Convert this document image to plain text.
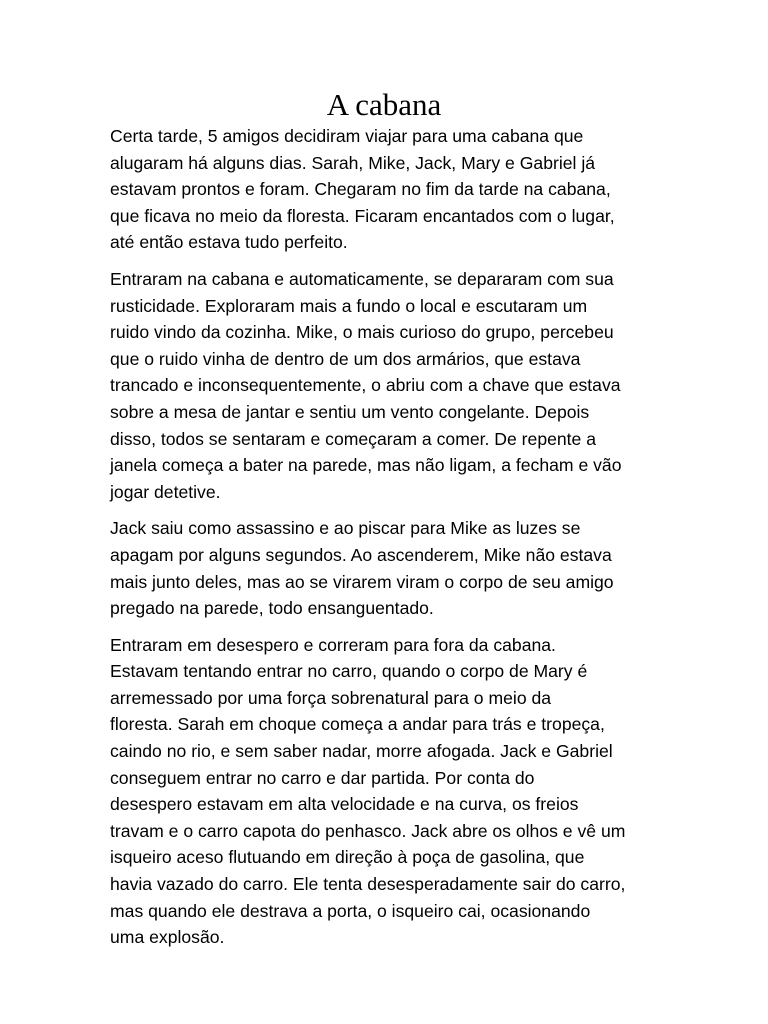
A cabana

Certa tarde, 5 amigos decidiram viajar para uma cabana que
alugaram há alguns dias. Sarah, Mike, Jack, Mary e Gabriel já
estavam prontos e foram. Chegaram no fim da tarde na cabana,
que ficava no meio da floresta. Ficaram encantados com o lugar,
até então estava tudo perfeito.

Entraram na cabana e automaticamente, se depararam com sua
rusticidade. Exploraram mais a fundo o local e escutaram um
ruido vindo da cozinha. Mike, o mais curioso do grupo, percebeu
que o ruido vinha de dentro de um dos armários, que estava
trancado e inconsequentemente, o abriu com a chave que estava
sobre a mesa de jantar e sentiu um vento congelante. Depois
disso, todos se sentaram e começaram a comer. De repente a
janela começa a bater na parede, mas não ligam, a fecham e vão
jogar detetive.

Jack saiu como assassino e ao piscar para Mike as luzes se
apagam por alguns segundos. Ao ascenderem, Mike não estava
mais junto deles, mas ao se virarem viram o corpo de seu amigo
pregado na parede, todo ensanguentado.

Entraram em desespero e correram para fora da cabana.
Estavam tentando entrar no carro, quando o corpo de Mary é
arremessado por uma força sobrenatural para o meio da
floresta. Sarah em choque começa a andar para trás e tropeça,
caindo no rio, e sem saber nadar, morre afogada. Jack e Gabriel
conseguem entrar no carro e dar partida. Por conta do
desespero estavam em alta velocidade e na curva, os freios
travam e o carro capota do penhasco. Jack abre os olhos e vê um
isqueiro aceso flutuando em direção à poça de gasolina, que
havia vazado do carro. Ele tenta desesperadamente sair do carro,
mas quando ele destrava a porta, o isqueiro cai, ocasionando
uma explosão.
